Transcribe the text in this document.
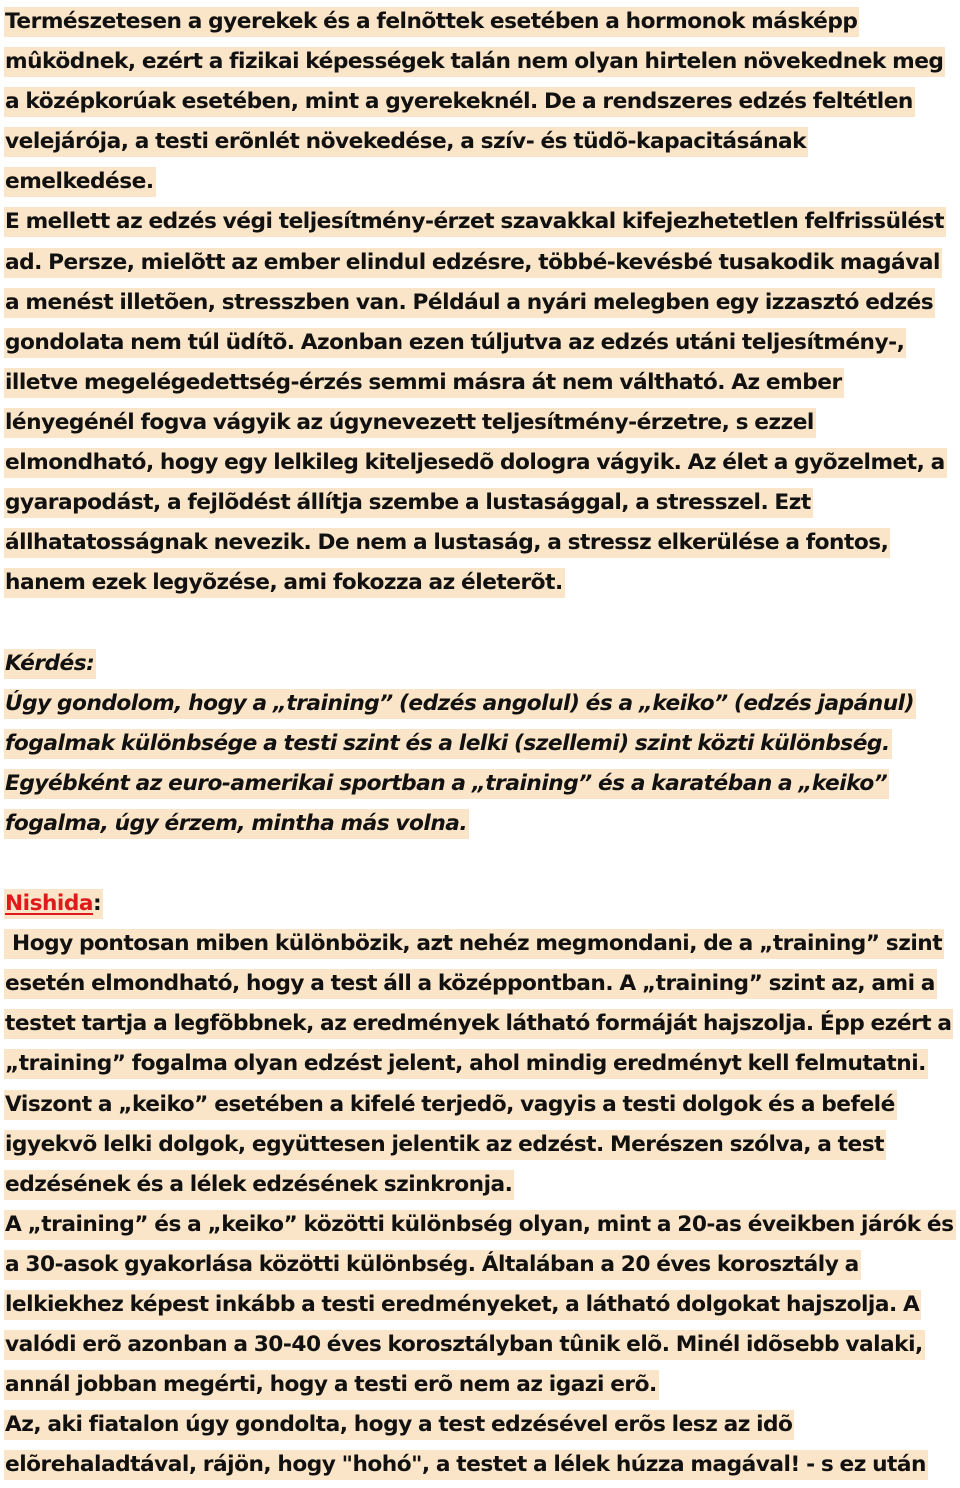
Természetesen a gyerekek és a felnõttek esetében a hormonok másképp
mûködnek, ezért a fizikai képességek talán nem olyan hirtelen növekednek meg
a középkorúak esetében, mint a gyerekeknél. De a rendszeres edzés feltétlen
velejárója, a testi erõnlét növekedése, a szív- és tüdõ-kapacitásának
emelkedése.
E mellett az edzés végi teljesítmény-érzet szavakkal kifejezhetetlen felfrissülést
ad. Persze, mielõtt az ember elindul edzésre, többé-kevésbé tusakodik magával
a menést illetõen, stresszben van. Például a nyári melegben egy izzasztó edzés
gondolata nem túl üdítõ. Azonban ezen túljutva az edzés utáni teljesítmény-,
illetve megelégedettség-érzés semmi másra át nem váltható. Az ember
lényegénél fogva vágyik az úgynevezett teljesítmény-érzetre, s ezzel
elmondható, hogy egy lelkileg kiteljesedõ dologra vágyik. Az élet a gyõzelmet, a
gyarapodást, a fejlõdést állítja szembe a lustasággal, a stresszel. Ezt
állhatatosságnak nevezik. De nem a lustaság, a stressz elkerülése a fontos,
hanem ezek legyõzése, ami fokozza az életerõt.
Kérdés:
Úgy gondolom, hogy a „training” (edzés angolul) és a „keiko” (edzés japánul)
fogalmak különbsége a testi szint és a lelki (szellemi) szint közti különbség.
Egyébként az euro-amerikai sportban a „training” és a karatéban a „keiko”
fogalma, úgy érzem, mintha más volna.
Nishida:
Hogy pontosan miben különbözik, azt nehéz megmondani, de a „training” szint
esetén elmondható, hogy a test áll a középpontban. A „training” szint az, ami a
testet tartja a legfõbbnek, az eredmények látható formáját hajszolja. Épp ezért a
„training” fogalma olyan edzést jelent, ahol mindig eredményt kell felmutatni.
Viszont a „keiko” esetében a kifelé terjedõ, vagyis a testi dolgok és a befelé
igyekvõ lelki dolgok, együttesen jelentik az edzést. Merészen szólva, a test
edzésének és a lélek edzésének szinkronja.
A „training” és a „keiko” közötti különbség olyan, mint a 20-as éveikben járók és
a 30-asok gyakorlása közötti különbség. Általában a 20 éves korosztály a
lelkiekhez képest inkább a testi eredményeket, a látható dolgokat hajszolja. A
valódi erõ azonban a 30-40 éves korosztályban tûnik elõ. Minél idõsebb valaki,
annál jobban megérti, hogy a testi erõ nem az igazi erõ.
Az, aki fiatalon úgy gondolta, hogy a test edzésével erõs lesz az idõ
elõrehaladtával, rájön, hogy "hohó", a testet a lélek húzza magával! - s ez után
